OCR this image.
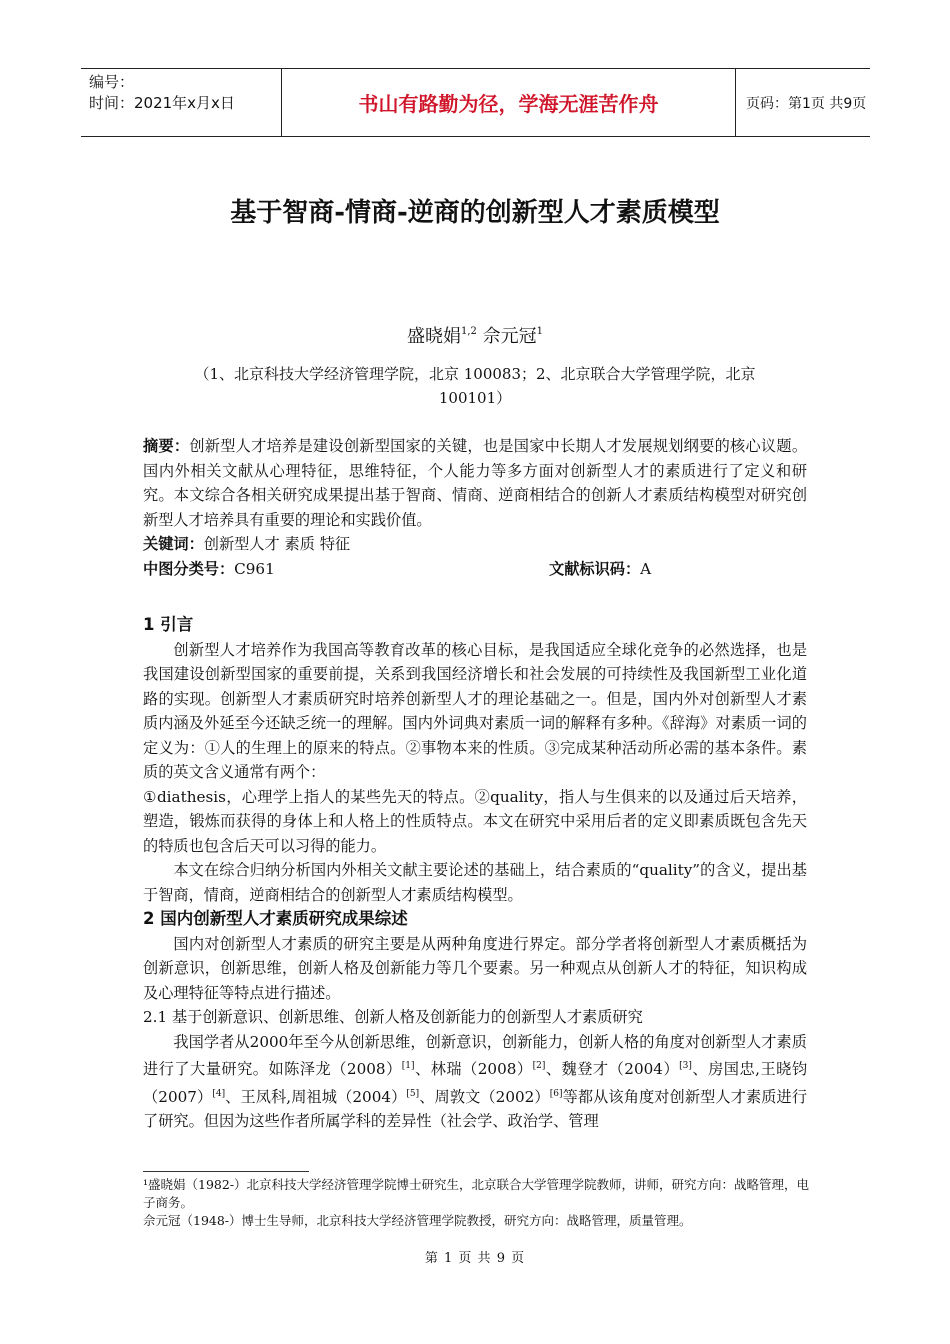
编号：
时间：2021年x月x日	书山有路勤为径，学海无涯苦作舟	页码：第1页 共9页
基于智商-情商-逆商的创新型人才素质模型
盛晓娟$^{1,2}$ 佘元冠$^1$
（1、北京科技大学经济管理学院，北京 100083；2、北京联合大学管理学院，北京 100101）

摘要：创新型人才培养是建设创新型国家的关键，也是国家中长期人才发展规划纲要的核心议题。国内外相关文献从心理特征，思维特征，个人能力等多方面对创新型人才的素质进行了定义和研究。本文综合各相关研究成果提出基于智商、情商、逆商相结合的创新人才素质结构模型对研究创新型人才培养具有重要的理论和实践价值。

关键词：创新型人才 素质 特征

中图分类号：C961	文献标识码：A

1 引言

创新型人才培养作为我国高等教育改革的核心目标，是我国适应全球化竞争的必然选择，也是我国建设创新型国家的重要前提，关系到我国经济增长和社会发展的可持续性及我国新型工业化道路的实现。创新型人才素质研究时培养创新型人才的理论基础之一。但是，国内外对创新型人才素质内涵及外延至今还缺乏统一的理解。国内外词典对素质一词的解释有多种。《辞海》对素质一词的定义为：①人的生理上的原来的特点。②事物本来的性质。③完成某种活动所必需的基本条件。素质的英文含义通常有两个：

①diathesis，心理学上指人的某些先天的特点。②quality，指人与生俱来的以及通过后天培养，塑造，锻炼而获得的身体上和人格上的性质特点。本文在研究中采用后者的定义即素质既包含先天的特质也包含后天可以习得的能力。

本文在综合归纳分析国内外相关文献主要论述的基础上，结合素质的“quality”的含义，提出基于智商，情商，逆商相结合的创新型人才素质结构模型。

2 国内创新型人才素质研究成果综述

国内对创新型人才素质的研究主要是从两种角度进行界定。部分学者将创新型人才素质概括为创新意识，创新思维，创新人格及创新能力等几个要素。另一种观点从创新人才的特征，知识构成及心理特征等特点进行描述。

2.1 基于创新意识、创新思维、创新人格及创新能力的创新型人才素质研究

我国学者从2000年至今从创新思维，创新意识，创新能力，创新人格的角度对创新型人才素质进行了大量研究。如陈泽龙（2008）[1]、林瑞（2008）[2]、魏登才（2004）[3]、房国忠,王晓钧（2007）[4]、王凤科,周祖城（2004）[5]、周敦文（2002）[6]等都从该角度对创新型人才素质进行了研究。但因为这些作者所属学科的差异性（社会学、政治学、管理

¹盛晓娟（1982-）北京科技大学经济管理学院博士研究生，北京联合大学管理学院教师，讲师，研究方向：战略管理，电子商务。

佘元冠（1948-）博士生导师，北京科技大学经济管理学院教授，研究方向：战略管理，质量管理。

第 1 页 共 9 页
